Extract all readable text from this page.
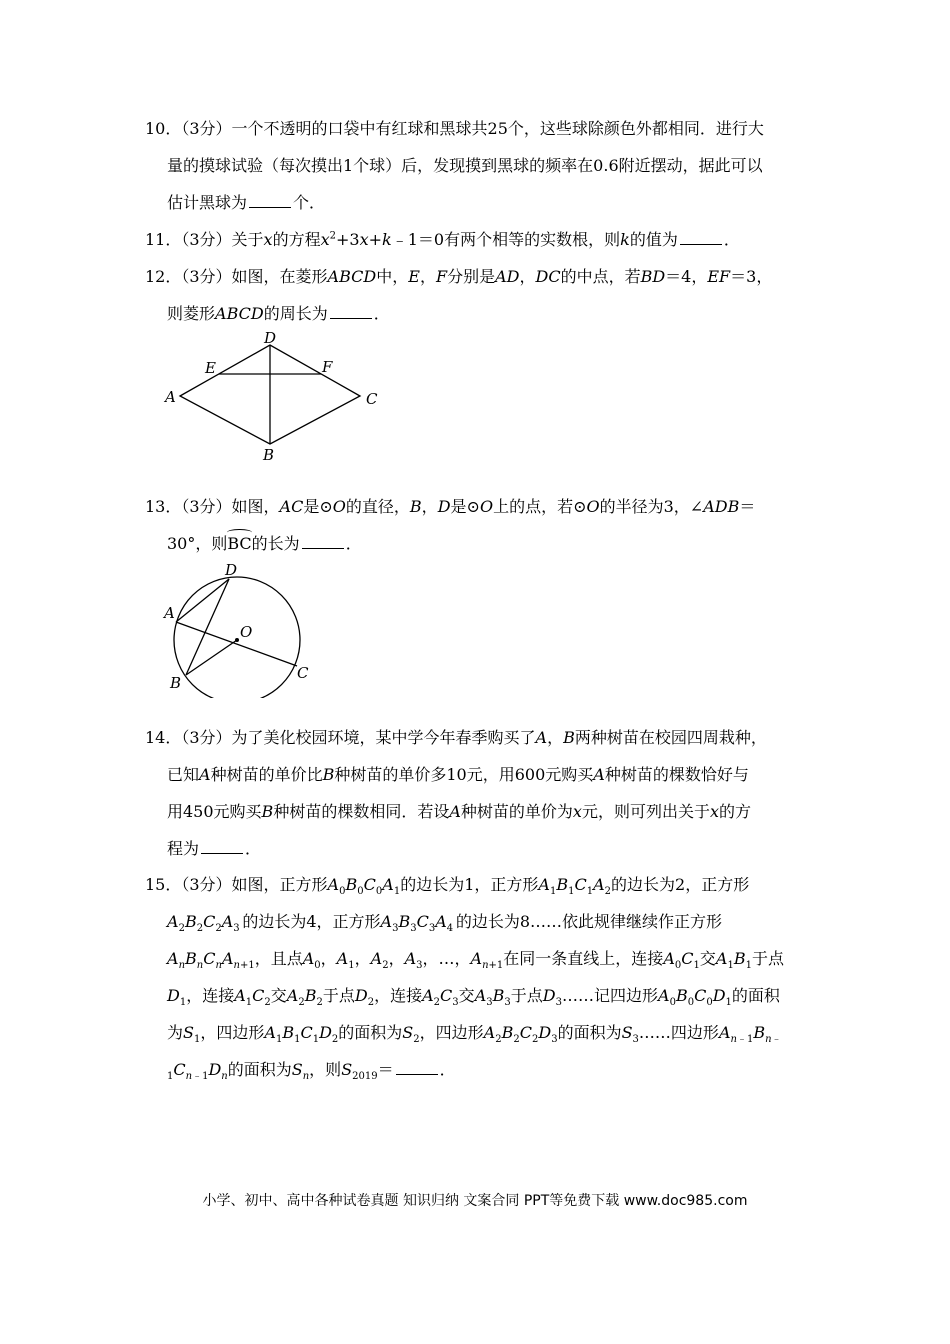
10．（3分）一个不透明的口袋中有红球和黑球共25个，这些球除颜色外都相同．进行大
量的摸球试验（每次摸出1个球）后，发现摸到黑球的频率在0.6附近摆动，据此可以
估计黑球为	个．
11．（3分）关于x的方程$x^2+3x+k﹣1=0$有两个相等的实数根，则k的值为	．
12．（3分）如图，在菱形ABCD中，E，F分别是AD，DC的中点，若BD＝4，EF＝3，
则菱形ABCD的周长为	．
D
E	F
A	C
B
13．（3分）如图，AC是⊙O的直径，B，D是⊙O上的点，若⊙O的半径为3，∠ADB＝
30°，则BC的长为	．
D
A
O
C
B
14．（3分）为了美化校园环境，某中学今年春季购买了A，B两种树苗在校园四周栽种，
已知A种树苗的单价比B种树苗的单价多10元，用600元购买A种树苗的棵数恰好与
用450元购买B种树苗的棵数相同．若设A种树苗的单价为x元，则可列出关于x的方
程为	．
15．（3分）如图，正方形$A_0B_0C_0A_1$的边长为1，正方形$A_1B_1C_1A_2$的边长为2，正方形
$A_2B_2C_2A_3$  的边长为4，正方形$A_3B_3C_3A_4$  的边长为8……依此规律继续作正方形
$A_nB_nC_nA_{n+1}$，且点$A_0$，$A_1$，$A_2$，$A_3$，…，$A_{n+1}$在同一条直线上，连接$A_0C_1$交$A_1B_1$于点
$D_1$，连接$A_1C_2$交$A_2B_2$于点$D_2$，连接$A_2C_3$交$A_3B_3$于点$D_3\dots\dots$记四边形$A_0B_0C_0D_1$的面积
为$S_1$，四边形$A_1B_1C_1D_2$的面积为$S_2$，四边形$A_2B_2C_2D_3$的面积为$S_3\dots\dots$四边形$A_{n﹣1}B_{n﹣}$
$_1C_{n﹣1}D_n$的面积为$S_n$，则$S_{2019}=$	．
小学、初中、高中各种试卷真题 知识归纳 文案合同 PPT等免费下载 www.doc985.com
